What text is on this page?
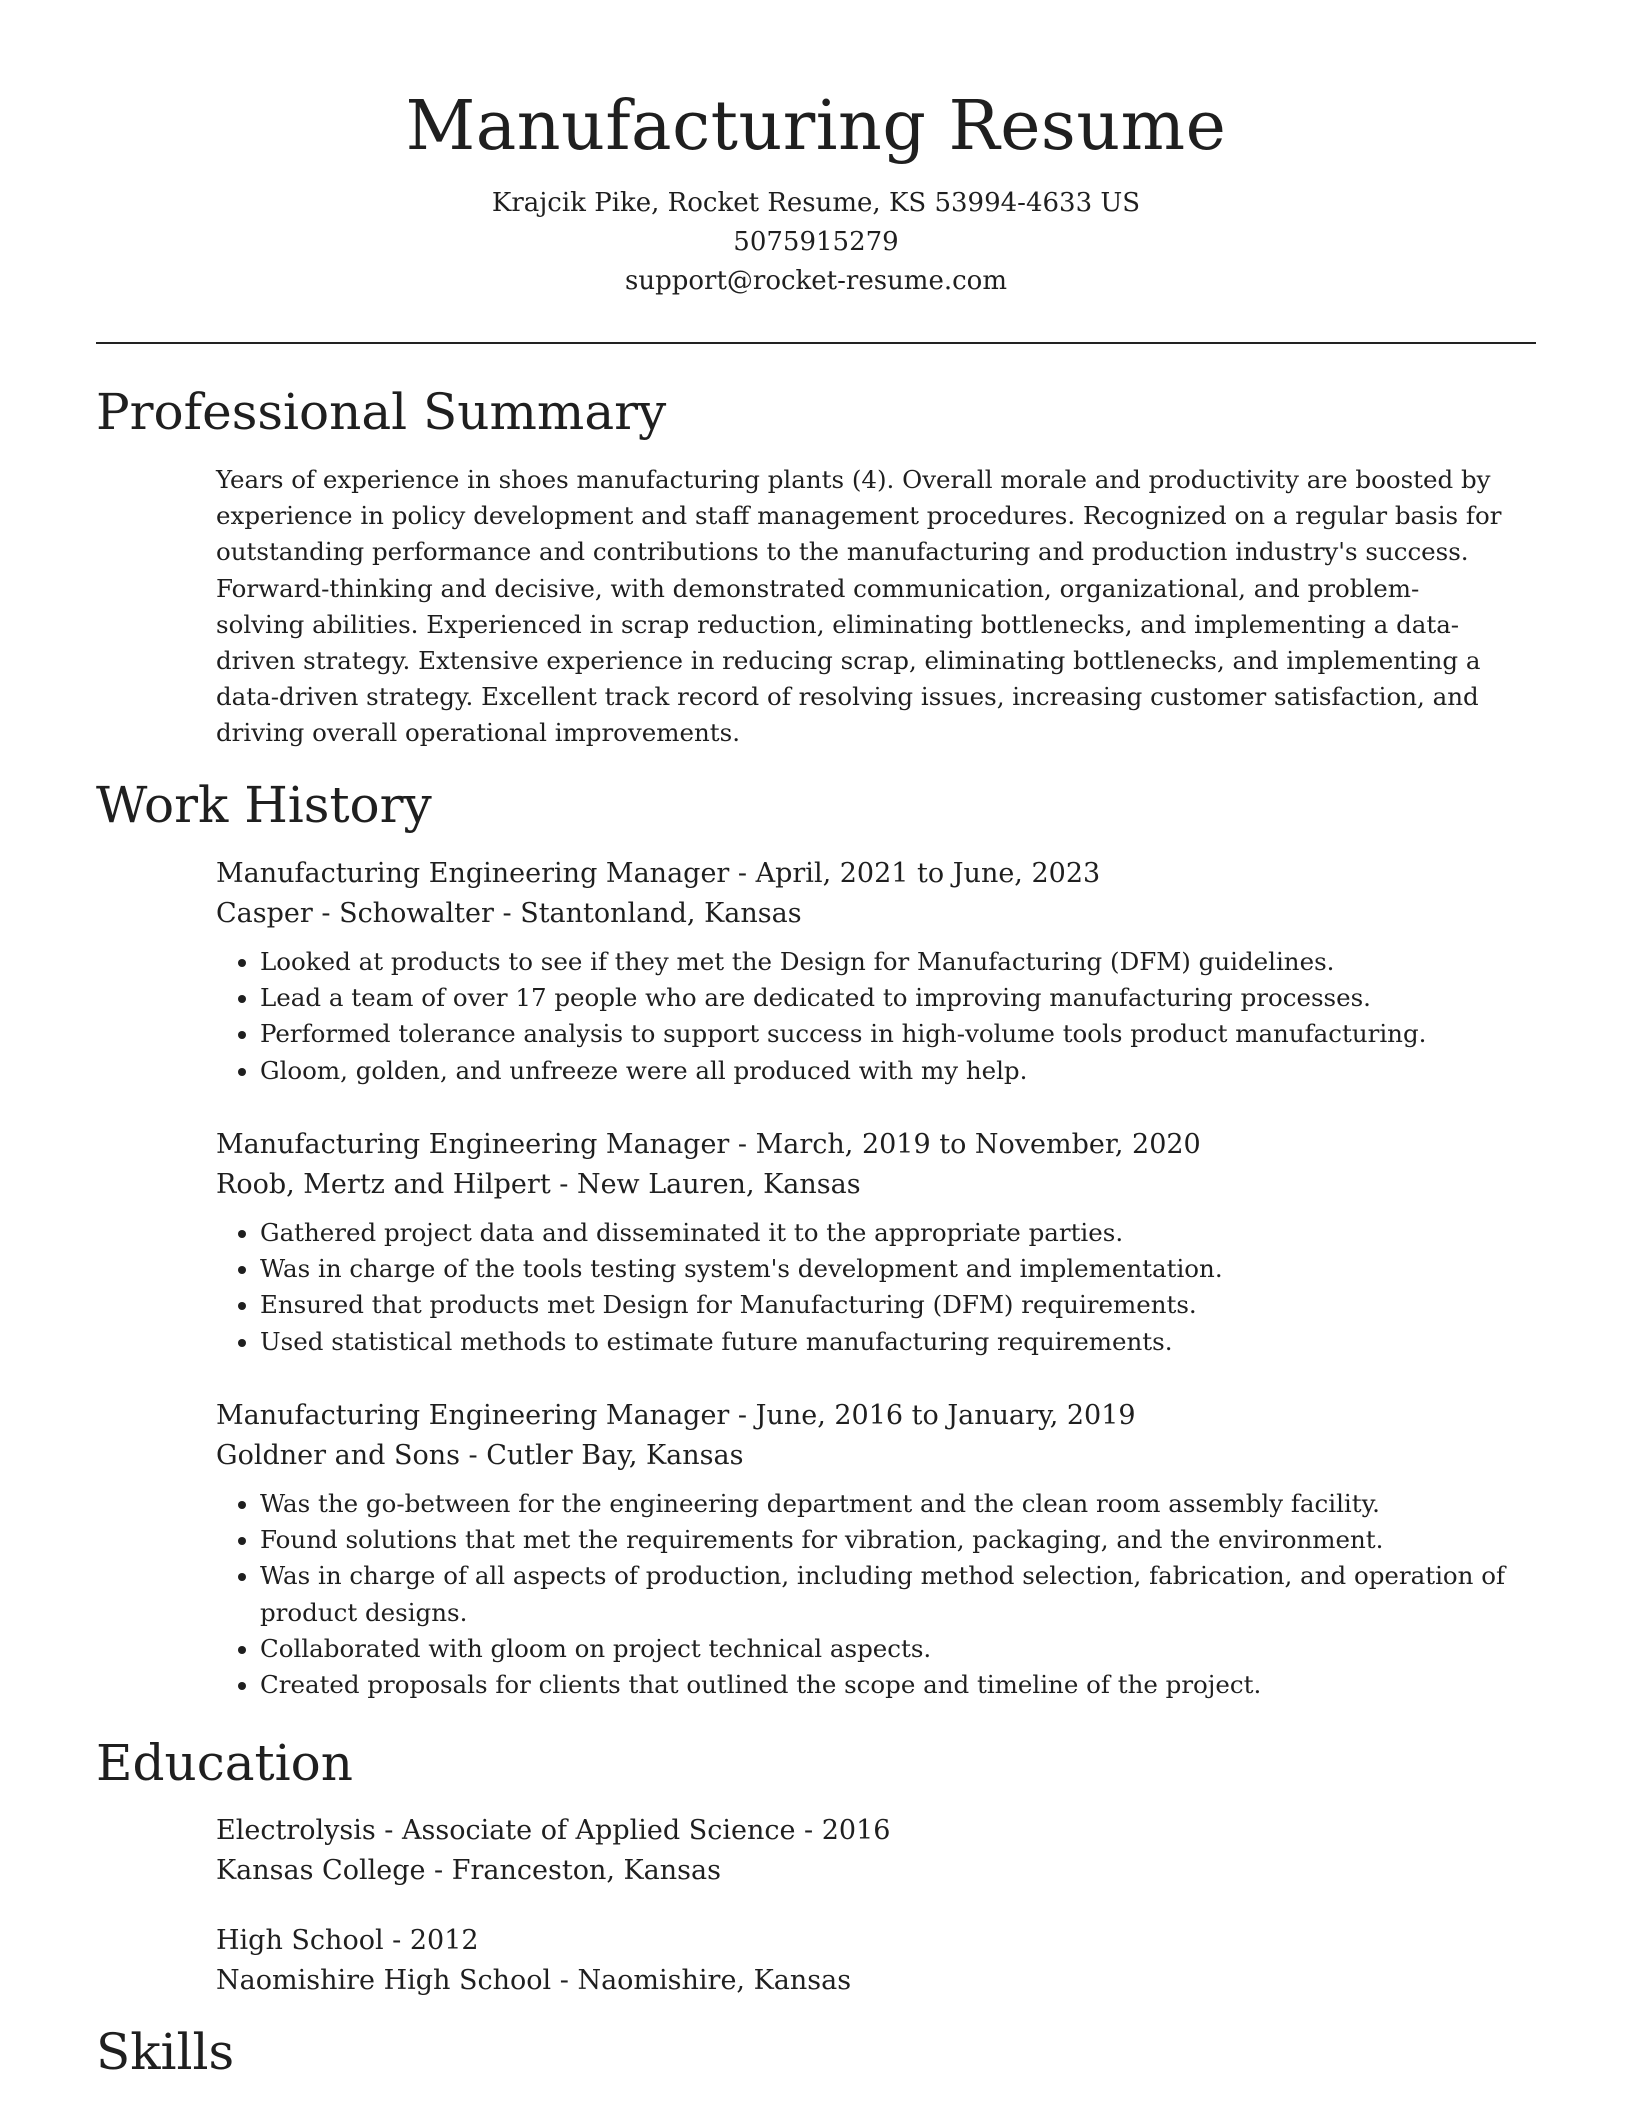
Manufacturing Resume

Krajcik Pike, Rocket Resume, KS 53994-4633 US

5075915279

support@rocket-resume.com

Professional Summary

Years of experience in shoes manufacturing plants (4). Overall morale and productivity are boosted by experience in policy development and staff management procedures. Recognized on a regular basis for outstanding performance and contributions to the manufacturing and production industry's success. Forward-thinking and decisive, with demonstrated communication, organizational, and problem-solving abilities. Experienced in scrap reduction, eliminating bottlenecks, and implementing a data-driven strategy. Extensive experience in reducing scrap, eliminating bottlenecks, and implementing a data-driven strategy. Excellent track record of resolving issues, increasing customer satisfaction, and driving overall operational improvements.

Work History

Manufacturing Engineering Manager - April, 2021 to June, 2023

Casper - Schowalter - Stantonland, Kansas

• Looked at products to see if they met the Design for Manufacturing (DFM) guidelines.
• Lead a team of over 17 people who are dedicated to improving manufacturing processes.
• Performed tolerance analysis to support success in high-volume tools product manufacturing.
• Gloom, golden, and unfreeze were all produced with my help.

Manufacturing Engineering Manager - March, 2019 to November, 2020

Roob, Mertz and Hilpert - New Lauren, Kansas

• Gathered project data and disseminated it to the appropriate parties.
• Was in charge of the tools testing system's development and implementation.
• Ensured that products met Design for Manufacturing (DFM) requirements.
• Used statistical methods to estimate future manufacturing requirements.

Manufacturing Engineering Manager - June, 2016 to January, 2019

Goldner and Sons - Cutler Bay, Kansas

• Was the go-between for the engineering department and the clean room assembly facility.
• Found solutions that met the requirements for vibration, packaging, and the environment.
• Was in charge of all aspects of production, including method selection, fabrication, and operation of product designs.
• Collaborated with gloom on project technical aspects.
• Created proposals for clients that outlined the scope and timeline of the project.
Education

Electrolysis - Associate of Applied Science - 2016

Kansas College - Franceston, Kansas

High School - 2012

Naomishire High School - Naomishire, Kansas

Skills
